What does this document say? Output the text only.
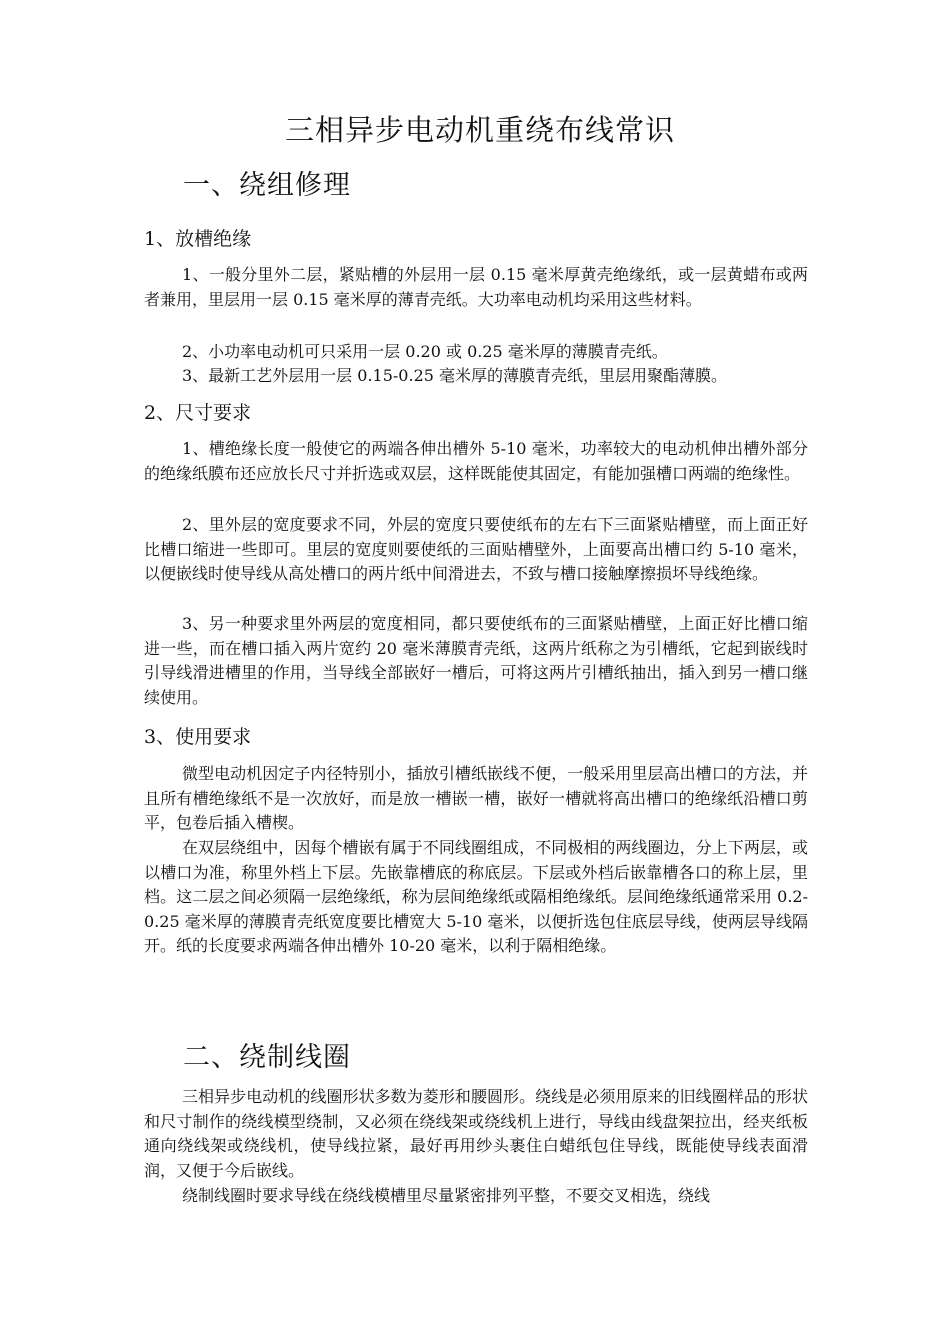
三相异步电动机重绕布线常识
一、绕组修理
1、放槽绝缘

1、一般分里外二层，紧贴槽的外层用一层 0.15 毫米厚黄壳绝缘纸，或一层黄蜡布或两者兼用，里层用一层 0.15 毫米厚的薄青壳纸。大功率电动机均采用这些材料。

2、小功率电动机可只采用一层 0.20 或 0.25 毫米厚的薄膜青壳纸。

3、最新工艺外层用一层 0.15-0.25 毫米厚的薄膜青壳纸，里层用聚酯薄膜。

2、尺寸要求

1、槽绝缘长度一般使它的两端各伸出槽外 5-10 毫米，功率较大的电动机伸出槽外部分的绝缘纸膜布还应放长尺寸并折选或双层，这样既能使其固定，有能加强槽口两端的绝缘性。

2、里外层的宽度要求不同，外层的宽度只要使纸布的左右下三面紧贴槽壁，而上面正好比槽口缩进一些即可。里层的宽度则要使纸的三面贴槽壁外，上面要高出槽口约 5-10 毫米，以便嵌线时使导线从高处槽口的两片纸中间滑进去，不致与槽口接触摩擦损坏导线绝缘。

3、另一种要求里外两层的宽度相同，都只要使纸布的三面紧贴槽壁，上面正好比槽口缩进一些，而在槽口插入两片宽约 20 毫米薄膜青壳纸，这两片纸称之为引槽纸，它起到嵌线时引导线滑进槽里的作用，当导线全部嵌好一槽后，可将这两片引槽纸抽出，插入到另一槽口继续使用。

3、使用要求

微型电动机因定子内径特别小，插放引槽纸嵌线不便，一般采用里层高出槽口的方法，并且所有槽绝缘纸不是一次放好，而是放一槽嵌一槽，嵌好一槽就将高出槽口的绝缘纸沿槽口剪平，包卷后插入槽楔。

在双层绕组中，因每个槽嵌有属于不同线圈组成，不同极相的两线圈边，分上下两层，或以槽口为准，称里外档上下层。先嵌靠槽底的称底层。下层或外档后嵌靠槽各口的称上层，里档。这二层之间必须隔一层绝缘纸，称为层间绝缘纸或隔相绝缘纸。层间绝缘纸通常采用 0.2-0.25 毫米厚的薄膜青壳纸宽度要比槽宽大 5-10 毫米，以便折选包住底层导线，使两层导线隔开。纸的长度要求两端各伸出槽外 10-20 毫米，以利于隔相绝缘。

二、绕制线圈

三相异步电动机的线圈形状多数为菱形和腰圆形。绕线是必须用原来的旧线圈样品的形状和尺寸制作的绕线模型绕制，又必须在绕线架或绕线机上进行，导线由线盘架拉出，经夹纸板通向绕线架或绕线机，使导线拉紧，最好再用纱头裹住白蜡纸包住导线，既能使导线表面滑润，又便于今后嵌线。

绕制线圈时要求导线在绕线模槽里尽量紧密排列平整，不要交叉相选，绕线
